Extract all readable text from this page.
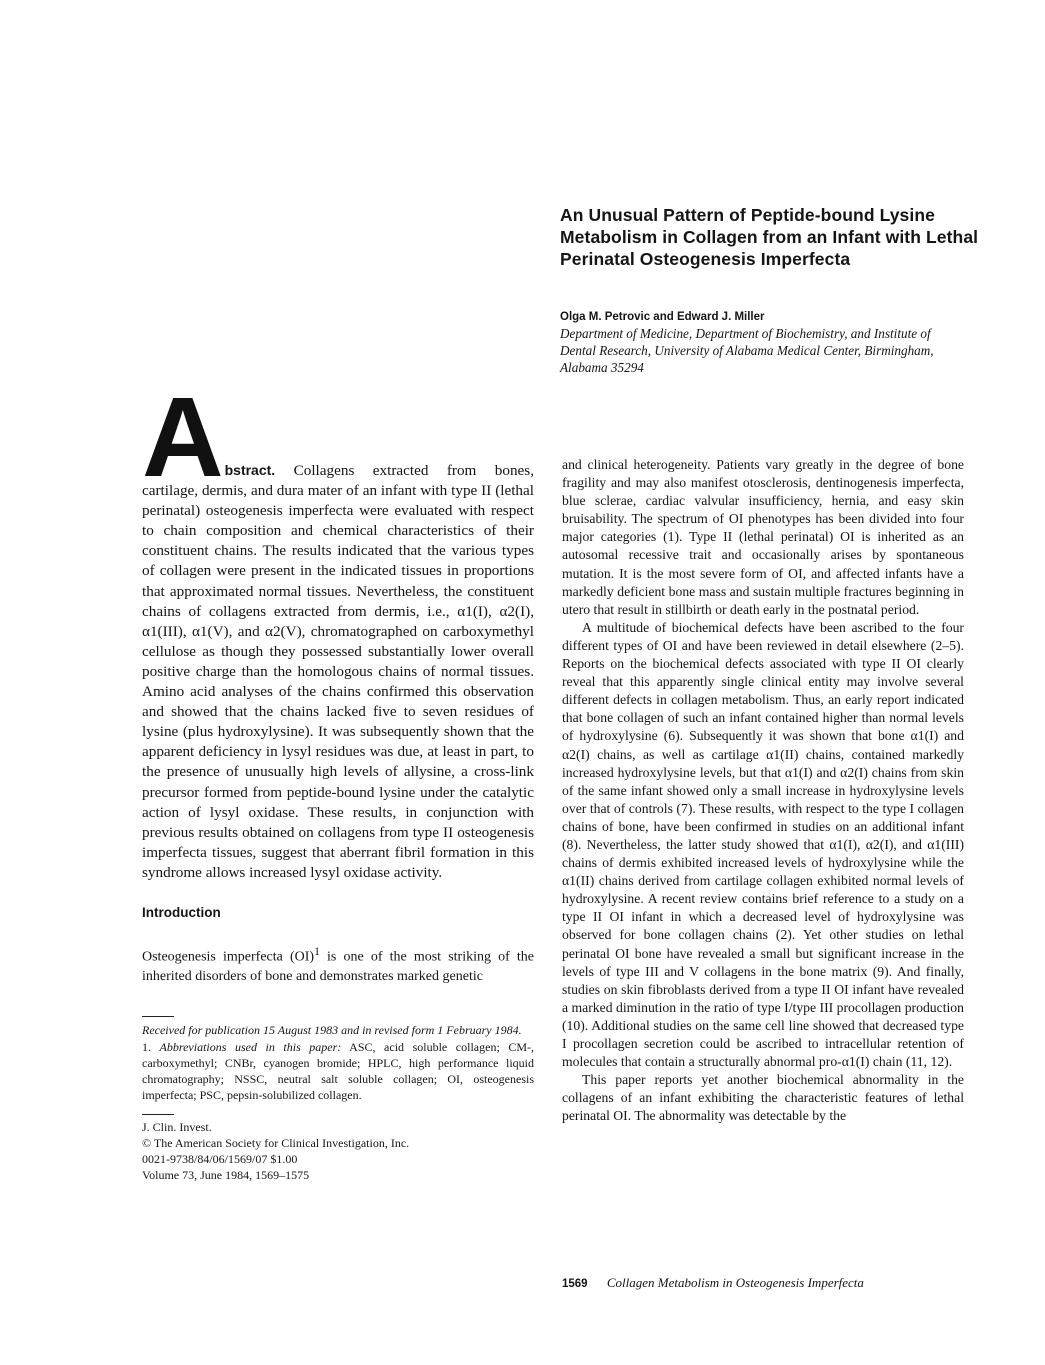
An Unusual Pattern of Peptide-bound Lysine Metabolism in Collagen from an Infant with Lethal Perinatal Osteogenesis Imperfecta

Olga M. Petrovic and Edward J. Miller

Department of Medicine, Department of Biochemistry, and Institute of Dental Research, University of Alabama Medical Center, Birmingham, Alabama 35294

A bstract. Collagens extracted from bones, cartilage, dermis, and dura mater of an infant with type II (lethal perinatal) osteogenesis imperfecta were evaluated with respect to chain composition and chemical characteristics of their constituent chains. The results indicated that the various types of collagen were present in the indicated tissues in proportions that approximated normal tissues. Nevertheless, the constituent chains of collagens extracted from dermis, i.e., α1(I), α2(I), α1(III), α1(V), and α2(V), chromatographed on carboxymethyl cellulose as though they possessed substantially lower overall positive charge than the homologous chains of normal tissues. Amino acid analyses of the chains confirmed this observation and showed that the chains lacked five to seven residues of lysine (plus hydroxylysine). It was subsequently shown that the apparent deficiency in lysyl residues was due, at least in part, to the presence of unusually high levels of allysine, a cross-link precursor formed from peptide-bound lysine under the catalytic action of lysyl oxidase. These results, in conjunction with previous results obtained on collagens from type II osteogenesis imperfecta tissues, suggest that aberrant fibril formation in this syndrome allows increased lysyl oxidase activity.

Introduction

Osteogenesis imperfecta (OI)$^1$ is one of the most striking of the inherited disorders of bone and demonstrates marked genetic

Received for publication 15 August 1983 and in revised form 1 February 1984.

1. Abbreviations used in this paper: ASC, acid soluble collagen; CM-, carboxymethyl; CNBr, cyanogen bromide; HPLC, high performance liquid chromatography; NSSC, neutral salt soluble collagen; OI, osteogenesis imperfecta; PSC, pepsin-solubilized collagen.

J. Clin. Invest.

© The American Society for Clinical Investigation, Inc.

0021-9738/84/06/1569/07 $1.00

Volume 73, June 1984, 1569–1575

and clinical heterogeneity. Patients vary greatly in the degree of bone fragility and may also manifest otosclerosis, dentinogenesis imperfecta, blue sclerae, cardiac valvular insufficiency, hernia, and easy skin bruisability. The spectrum of OI phenotypes has been divided into four major categories (1). Type II (lethal perinatal) OI is inherited as an autosomal recessive trait and occasionally arises by spontaneous mutation. It is the most severe form of OI, and affected infants have a markedly deficient bone mass and sustain multiple fractures beginning in utero that result in stillbirth or death early in the postnatal period.

A multitude of biochemical defects have been ascribed to the four different types of OI and have been reviewed in detail elsewhere (2–5). Reports on the biochemical defects associated with type II OI clearly reveal that this apparently single clinical entity may involve several different defects in collagen metabolism. Thus, an early report indicated that bone collagen of such an infant contained higher than normal levels of hydroxylysine (6). Subsequently it was shown that bone α1(I) and α2(I) chains, as well as cartilage α1(II) chains, contained markedly increased hydroxylysine levels, but that α1(I) and α2(I) chains from skin of the same infant showed only a small increase in hydroxylysine levels over that of controls (7). These results, with respect to the type I collagen chains of bone, have been confirmed in studies on an additional infant (8). Nevertheless, the latter study showed that α1(I), α2(I), and α1(III) chains of dermis exhibited increased levels of hydroxylysine while the α1(II) chains derived from cartilage collagen exhibited normal levels of hydroxylysine. A recent review contains brief reference to a study on a type II OI infant in which a decreased level of hydroxylysine was observed for bone collagen chains (2). Yet other studies on lethal perinatal OI bone have revealed a small but significant increase in the levels of type III and V collagens in the bone matrix (9). And finally, studies on skin fibroblasts derived from a type II OI infant have revealed a marked diminution in the ratio of type I/type III procollagen production (10). Additional studies on the same cell line showed that decreased type I procollagen secretion could be ascribed to intracellular retention of molecules that contain a structurally abnormal pro-α1(I) chain (11, 12).

This paper reports yet another biochemical abnormality in the collagens of an infant exhibiting the characteristic features of lethal perinatal OI. The abnormality was detectable by the

1569 Collagen Metabolism in Osteogenesis Imperfecta
